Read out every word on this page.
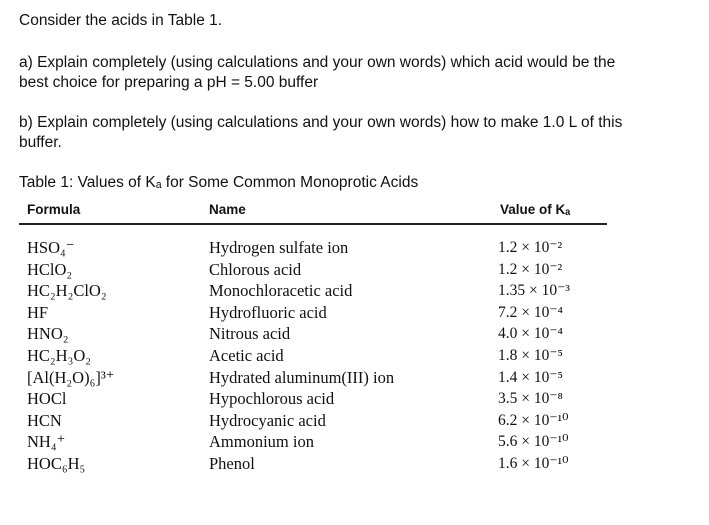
Consider the acids in Table 1.
a) Explain completely (using calculations and your own words) which acid would be the
best choice for preparing a pH = 5.00 buffer
b) Explain completely (using calculations and your own words) how to make 1.0 L of this
buffer.
Table 1: Values of Kₐ for Some Common Monoprotic Acids
Formula	Name	Value of Kₐ
HSO₄⁻
HClO₂
HC₂H₂ClO₂
HF
HNO₂
HC₂H₃O₂
[Al(H₂O)₆]³⁺
HOCl
HCN
NH₄⁺
HOC₆H₅
Hydrogen sulfate ion
Chlorous acid
Monochloracetic acid
Hydrofluoric acid
Nitrous acid
Acetic acid
Hydrated aluminum(III) ion
Hypochlorous acid
Hydrocyanic acid
Ammonium ion
Phenol
1.2 × 10⁻²
1.2 × 10⁻²
1.35 × 10⁻³
7.2 × 10⁻⁴
4.0 × 10⁻⁴
1.8 × 10⁻⁵
1.4 × 10⁻⁵
3.5 × 10⁻⁸
6.2 × 10⁻¹⁰
5.6 × 10⁻¹⁰
1.6 × 10⁻¹⁰
